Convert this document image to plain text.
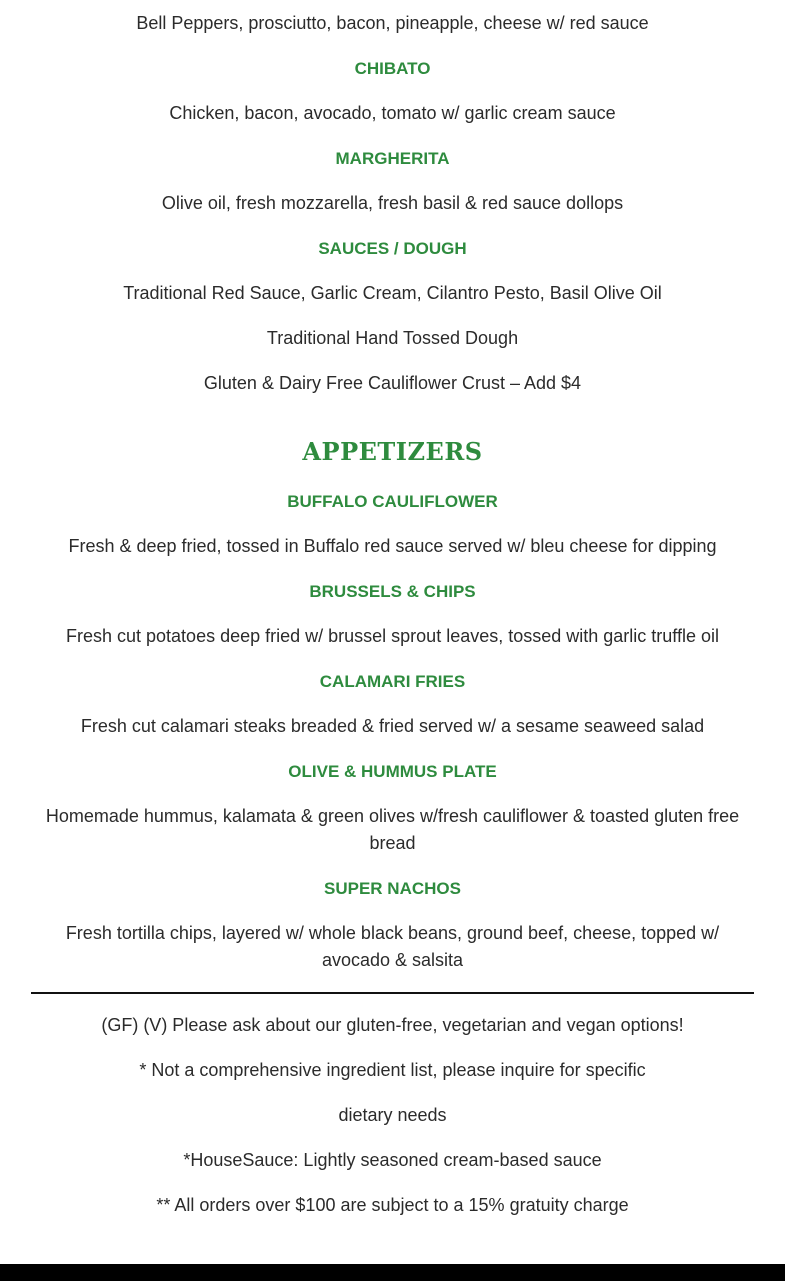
Bell Peppers, prosciutto, bacon, pineapple, cheese w/ red sauce

CHIBATO

Chicken, bacon, avocado, tomato w/ garlic cream sauce

MARGHERITA

Olive oil, fresh mozzarella, fresh basil & red sauce dollops

SAUCES / DOUGH

Traditional Red Sauce, Garlic Cream, Cilantro Pesto, Basil Olive Oil

Traditional Hand Tossed Dough

Gluten & Dairy Free Cauliflower Crust – Add $4

APPETIZERS

BUFFALO CAULIFLOWER

Fresh & deep fried, tossed in Buffalo red sauce served w/ bleu cheese for dipping

BRUSSELS & CHIPS

Fresh cut potatoes deep fried w/ brussel sprout leaves, tossed with garlic truffle oil

CALAMARI FRIES

Fresh cut calamari steaks breaded & fried served w/ a sesame seaweed salad

OLIVE & HUMMUS PLATE

Homemade hummus, kalamata & green olives w/fresh cauliflower & toasted gluten free bread

SUPER NACHOS

Fresh tortilla chips, layered w/ whole black beans, ground beef, cheese, topped w/ avocado & salsita

(GF) (V) Please ask about our gluten-free, vegetarian and vegan options!

* Not a comprehensive ingredient list, please inquire for specific

dietary needs

*HouseSauce: Lightly seasoned cream-based sauce

** All orders over $100 are subject to a 15% gratuity charge
